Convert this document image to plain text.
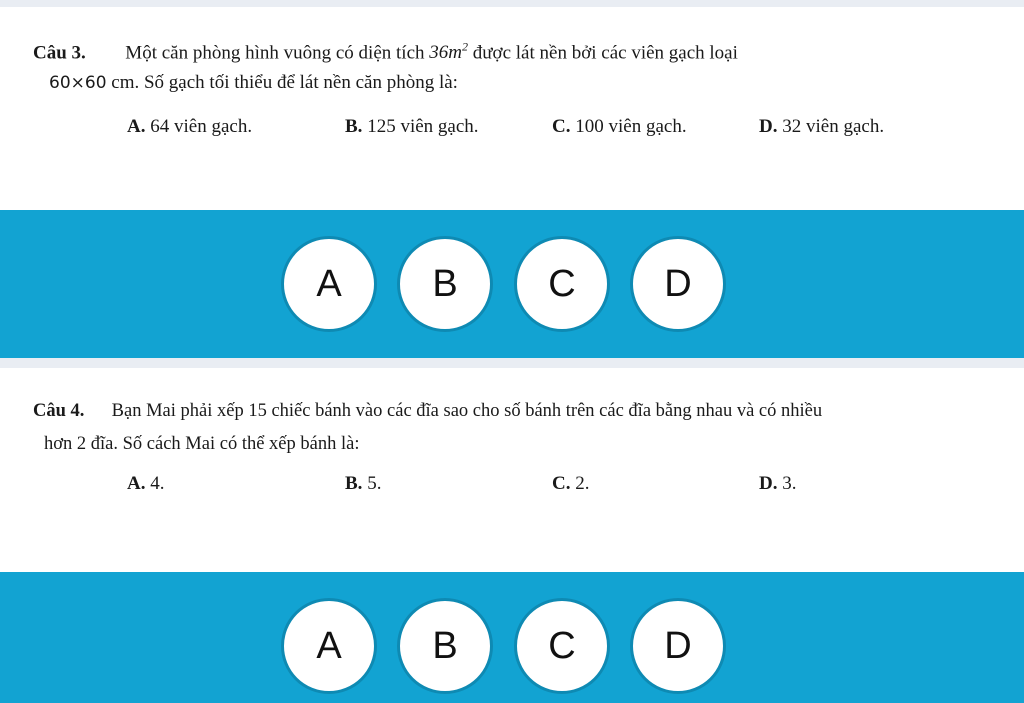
Câu 3. Một căn phòng hình vuông có diện tích $36m^2$ được lát nền bởi các viên gạch loại
60×60 cm. Số gạch tối thiểu để lát nền căn phòng là:
A. 64 viên gạch.	B. 125 viên gạch.	C. 100 viên gạch.	D. 32 viên gạch.
A B C D
Câu 4. Bạn Mai phải xếp 15 chiếc bánh vào các đĩa sao cho số bánh trên các đĩa bằng nhau và có nhiều
hơn 2 đĩa. Số cách Mai có thể xếp bánh là:
A. 4.	B. 5.	C. 2.	D. 3.
A B C D
